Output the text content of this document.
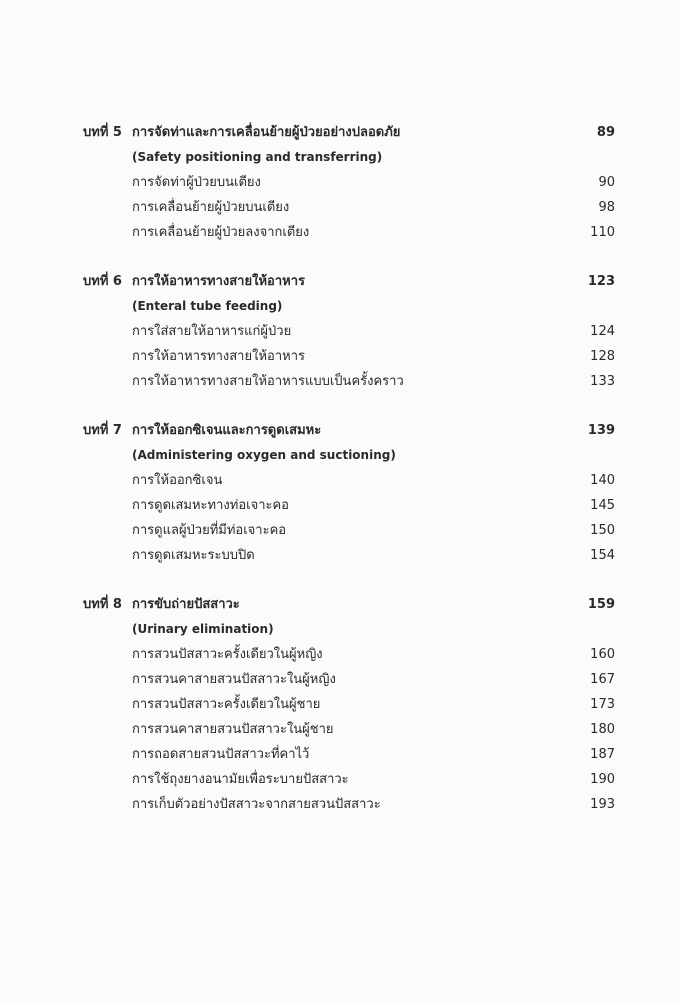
บทที่ 5 การจัดท่าและการเคลื่อนย้ายผู้ป่วยอย่างปลอดภัย	89
(Safety positioning and transferring)
การจัดท่าผู้ป่วยบนเตียง	90
การเคลื่อนย้ายผู้ป่วยบนเตียง	98
การเคลื่อนย้ายผู้ป่วยลงจากเตียง	110
บทที่ 6 การให้อาหารทางสายให้อาหาร	123
(Enteral tube feeding)
การใส่สายให้อาหารแก่ผู้ป่วย	124
การให้อาหารทางสายให้อาหาร	128
การให้อาหารทางสายให้อาหารแบบเป็นครั้งคราว	133
บทที่ 7 การให้ออกซิเจนและการดูดเสมหะ	139
(Administering oxygen and suctioning)
การให้ออกซิเจน	140
การดูดเสมหะทางท่อเจาะคอ	145
การดูแลผู้ป่วยที่มีท่อเจาะคอ	150
การดูดเสมหะระบบปิด	154
บทที่ 8 การขับถ่ายปัสสาวะ	159
(Urinary elimination)
การสวนปัสสาวะครั้งเดียวในผู้หญิง	160
การสวนคาสายสวนปัสสาวะในผู้หญิง	167
การสวนปัสสาวะครั้งเดียวในผู้ชาย	173
การสวนคาสายสวนปัสสาวะในผู้ชาย	180
การถอดสายสวนปัสสาวะที่คาไว้	187
การใช้ถุงยางอนามัยเพื่อระบายปัสสาวะ	190
การเก็บตัวอย่างปัสสาวะจากสายสวนปัสสาวะ	193
